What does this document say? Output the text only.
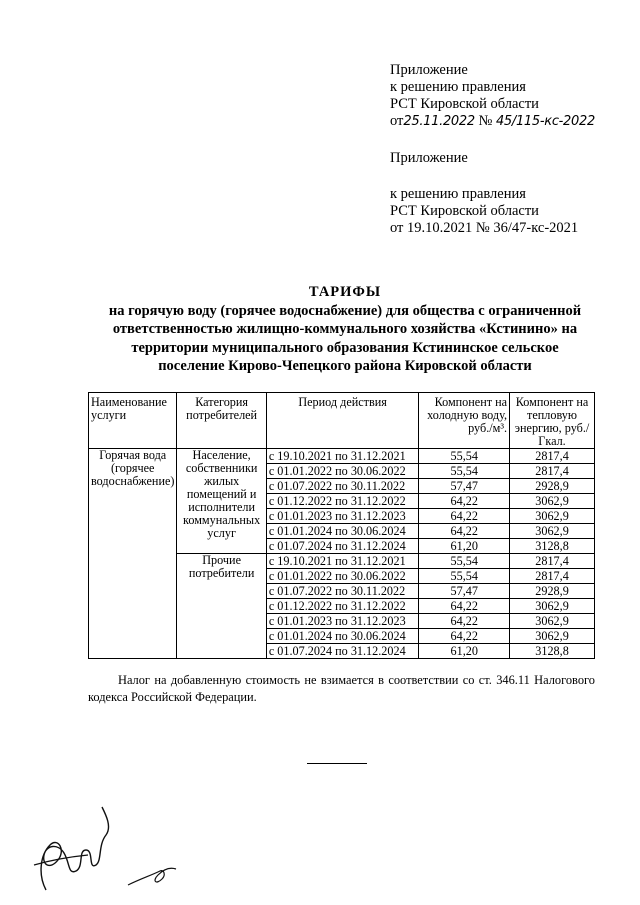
Приложение
к решению правления
РСТ Кировской области
от25.11.2022 № 45/115-кс-2022
Приложение
к решению правления
РСТ Кировской области
от 19.10.2021 № 36/47-кс-2021
ТАРИФЫ
на горячую воду (горячее водоснабжение) для общества с ограниченной
ответственностью жилищно-коммунального хозяйства «Кстинино» на
территории муниципального образования Кстининское сельское
поселение Кирово-Чепецкого района Кировской области
Наименование услуги	Категория потребителей	Период действия	Компонент на холодную воду, руб./м³.	Компонент на тепловую энергию, руб./Гкал.
Горячая вода (горячее водоснабжение)	Население, собственники жилых помещений и исполнители коммунальных услуг	с 19.10.2021 по 31.12.2021	55,54	2817,4
		с 01.01.2022 по 30.06.2022	55,54	2817,4
		с 01.07.2022 по 30.11.2022	57,47	2928,9
		с 01.12.2022 по 31.12.2022	64,22	3062,9
		с 01.01.2023 по 31.12.2023	64,22	3062,9
		с 01.01.2024 по 30.06.2024	64,22	3062,9
		с 01.07.2024 по 31.12.2024	61,20	3128,8
	Прочие потребители	с 19.10.2021 по 31.12.2021	55,54	2817,4
		с 01.01.2022 по 30.06.2022	55,54	2817,4
		с 01.07.2022 по 30.11.2022	57,47	2928,9
		с 01.12.2022 по 31.12.2022	64,22	3062,9
		с 01.01.2023 по 31.12.2023	64,22	3062,9
		с 01.01.2024 по 30.06.2024	64,22	3062,9
		с 01.07.2024 по 31.12.2024	61,20	3128,8
Налог на добавленную стоимость не взимается в соответствии со ст. 346.11 Налогового кодекса Российской Федерации.
